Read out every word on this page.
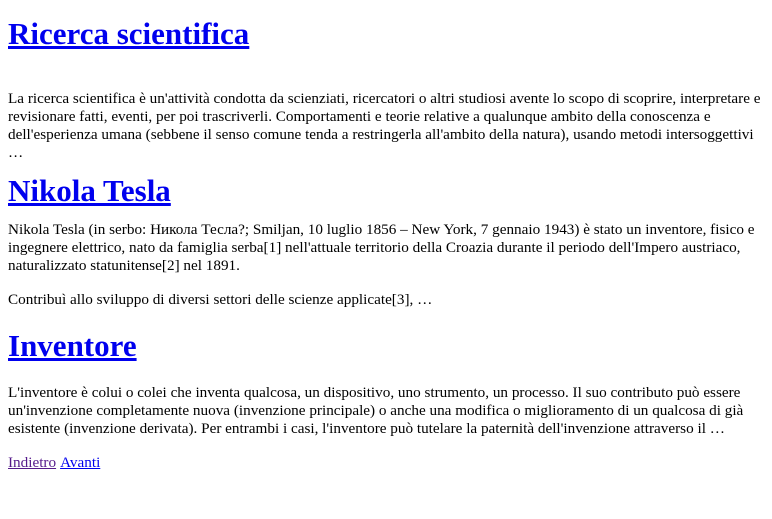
Ricerca scientifica

La ricerca scientifica è un'attività condotta da scienziati, ricercatori o altri studiosi avente lo scopo di scoprire, interpretare e revisionare fatti, eventi, per poi trascriverli. Comportamenti e teorie relative a qualunque ambito della conoscenza e dell'esperienza umana (sebbene il senso comune tenda a restringerla all'ambito della natura), usando metodi intersoggettivi …

Nikola Tesla

Nikola Tesla (in serbo: Никола Тесла?; Smiljan, 10 luglio 1856 – New York, 7 gennaio 1943) è stato un inventore, fisico e ingegnere elettrico, nato da famiglia serba[1] nell'attuale territorio della Croazia durante il periodo dell'Impero austriaco, naturalizzato statunitense[2] nel 1891.

Contribuì allo sviluppo di diversi settori delle scienze applicate[3], …

Inventore

L'inventore è colui o colei che inventa qualcosa, un dispositivo, uno strumento, un processo. Il suo contributo può essere un'invenzione completamente nuova (invenzione principale) o anche una modifica o miglioramento di un qualcosa di già esistente (invenzione derivata). Per entrambi i casi, l'inventore può tutelare la paternità dell'invenzione attraverso il …

Indietro Avanti
